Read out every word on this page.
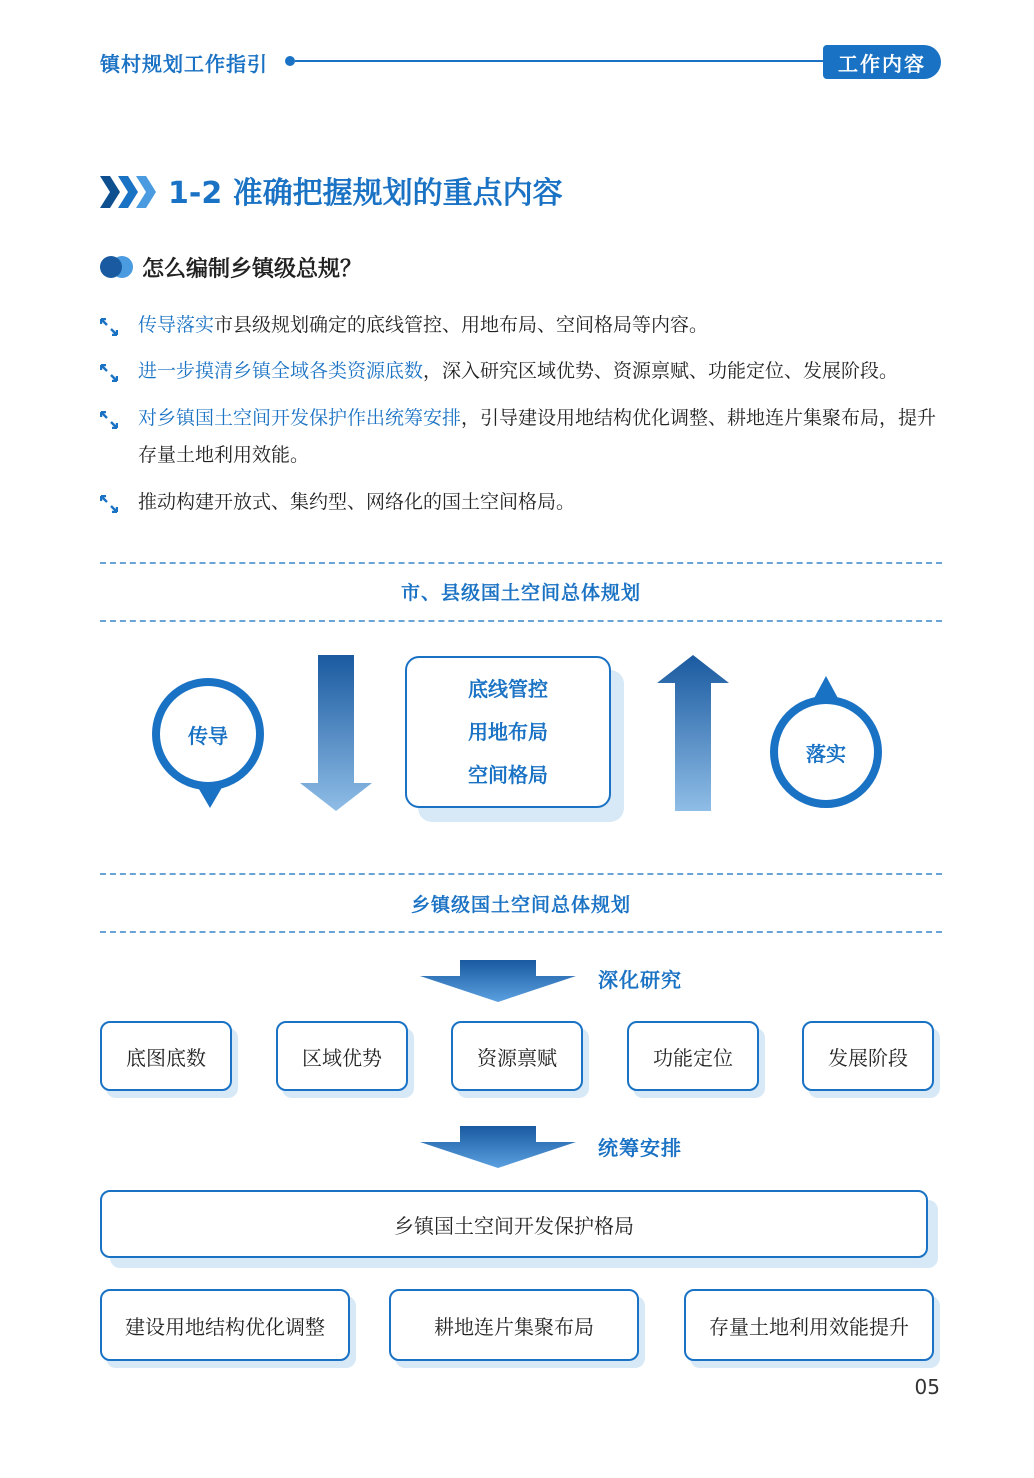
镇村规划工作指引	工作内容
1-2 准确把握规划的重点内容
怎么编制乡镇级总规？
传导落实市县级规划确定的底线管控、用地布局、空间格局等内容。
进一步摸清乡镇全域各类资源底数，深入研究区域优势、资源禀赋、功能定位、发展阶段。
对乡镇国土空间开发保护作出统筹安排，引导建设用地结构优化调整、耕地连片集聚布局，提升存量土地利用效能。
推动构建开放式、集约型、网络化的国土空间格局。
市、县级国土空间总体规划
传导
底线管控
用地布局
空间格局
落实
乡镇级国土空间总体规划
深化研究
底图底数	区域优势	资源禀赋	功能定位	发展阶段
统筹安排
乡镇国土空间开发保护格局
建设用地结构优化调整	耕地连片集聚布局	存量土地利用效能提升
05
